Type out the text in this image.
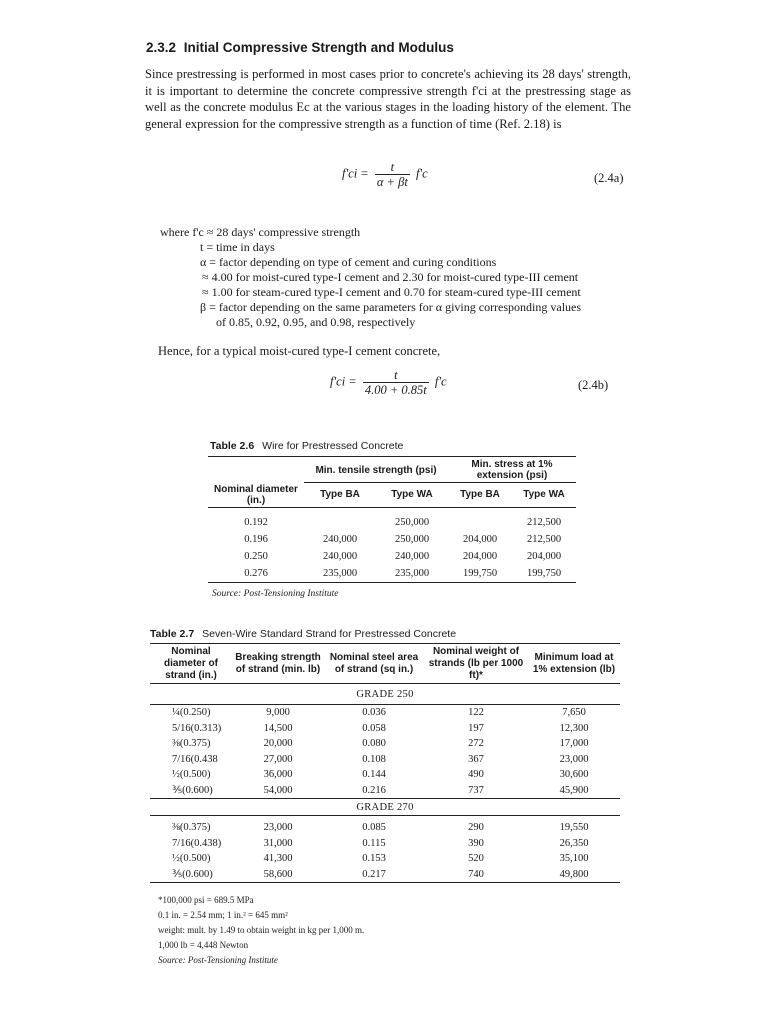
2.3.2 Initial Compressive Strength and Modulus
Since prestressing is performed in most cases prior to concrete's achieving its 28 days' strength, it is important to determine the concrete compressive strength f'ci at the prestressing stage as well as the concrete modulus Ec at the various stages in the loading history of the element. The general expression for the compressive strength as a function of time (Ref. 2.18) is
$f'ci = \frac{t}{\alpha + \beta t} f'c$	(2.4a)
where f'c ≈ 28 days' compressive strength
t = time in days
α = factor depending on type of cement and curing conditions
≈ 4.00 for moist-cured type-I cement and 2.30 for moist-cured type-III cement
≈ 1.00 for steam-cured type-I cement and 0.70 for steam-cured type-III cement
β = factor depending on the same parameters for α giving corresponding values
of 0.85, 0.92, 0.95, and 0.98, respectively
Hence, for a typical moist-cured type-I cement concrete,
$f'ci = \frac{t}{4.00 + 0.85t} f'c$	(2.4b)
Table 2.6 Wire for Prestressed Concrete
	Min. tensile strength (psi)		Min. stress at 1% extension (psi)	
Nominal diameter (in.)	Type BA	Type WA	Type BA	Type WA

0.192		250,000		212,500
0.196	240,000	250,000	204,000	212,500
0.250	240,000	240,000	204,000	204,000
0.276	235,000	235,000	199,750	199,750
Source: Post-Tensioning Institute
Table 2.7 Seven-Wire Standard Strand for Prestressed Concrete
Nominal diameter of strand (in.)	Breaking strength of strand (min. lb)	Nominal steel area of strand (sq in.)	Nominal weight of strands (lb per 1000 ft)*	Minimum load at 1% extension (lb)
GRADE 250				

¼(0.250)	9,000	0.036	122	7,650
5/16(0.313)	14,500	0.058	197	12,300
⅜(0.375)	20,000	0.080	272	17,000
7/16(0.438	27,000	0.108	367	23,000
½(0.500)	36,000	0.144	490	30,600
⅗(0.600)	54,000	0.216	737	45,900

GRADE 270				

⅜(0.375)	23,000	0.085	290	19,550
7/16(0.438)	31,000	0.115	390	26,350
½(0.500)	41,300	0.153	520	35,100
⅗(0.600)	58,600	0.217	740	49,800
*100,000 psi = 689.5 MPa
0.1 in. = 2.54 mm; 1 in.² = 645 mm²
weight: mult. by 1.49 to obtain weight in kg per 1,000 m.
1,000 lb = 4,448 Newton
Source: Post-Tensioning Institute
